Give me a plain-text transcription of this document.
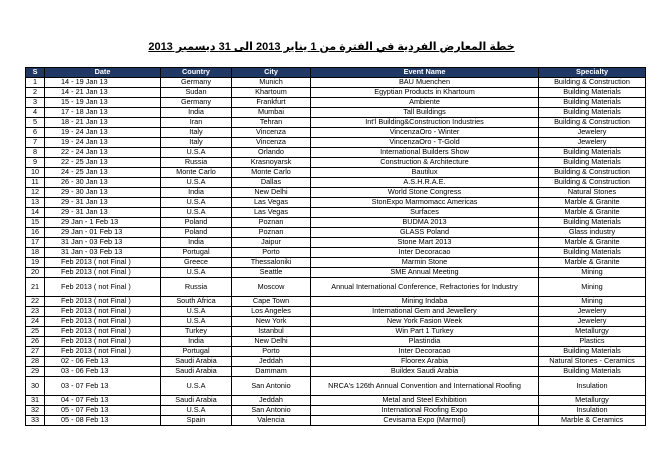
خطة المعارض الفردية في الفترة من 1 يناير 2013 الى 31 ديسمبر 2013
S	Date	Country	City	Event Name	Specialty
1	14 - 19 Jan 13	Germany	Munich	BAU Muenchen	Building & Construction
2	14 - 21 Jan 13	Sudan	Khartoum	Egyptian Products in Khartoum	Building Materials
3	15 - 19 Jan 13	Germany	Frankfurt	Ambiente	Building Materials
4	17 - 18 Jan 13	India	Mumbai	Tall Buildings	Building Materials
5	18 - 21 Jan 13	Iran	Tehran	Int'l Building&Construction Industries	Building & Construction
6	19 - 24 Jan 13	Italy	Vincenza	VincenzaOro - Winter	Jewelery
7	19 - 24 Jan 13	Italy	Vincenza	VincenzaOro - T-Gold	Jewelery
8	22 - 24 Jan 13	U.S.A	Orlando	International Builders Show	Building Materials
9	22 - 25 Jan 13	Russia	Krasnoyarsk	Construction & Architecture	Building Materials
10	24 - 25 Jan 13	Monte Carlo	Monte Carlo	Bautilux	Building & Construction
11	26 - 30 Jan 13	U.S.A	Dallas	A.S.H.R.A.E.	Building & Construction
12	29 - 30 Jan 13	India	New Delhi	World Stone Congress	Natural Stones
13	29 - 31 Jan 13	U.S.A	Las Vegas	StonExpo Marmomacc Americas	Marble & Granite
14	29 - 31 Jan 13	U.S.A	Las Vegas	Surfaces	Marble & Granite
15	29 Jan - 1 Feb 13	Poland	Poznan	BUDMA 2013	Building Materials
16	29 Jan - 01 Feb 13	Poland	Poznan	GLASS Poland	Glass industry
17	31 Jan - 03 Feb 13	India	Jaipur	Stone Mart 2013	Marble & Granite
18	31 Jan - 03 Feb 13	Portugal	Porto	Inter Decoracao	Building Materials
19	Feb 2013 ( not Final )	Greece	Thessaloniki	Marmin Stone	Marble & Granite
20	Feb 2013 ( not Final )	U.S.A	Seattle	SME Annual Meeting	Mining
21	Feb 2013 ( not Final )	Russia	Moscow	Annual International Conference, Refractories for Industry	Mining
22	Feb 2013 ( not Final )	South Africa	Cape Town	Mining Indaba	Mining
23	Feb 2013 ( not Final )	U.S.A	Los Angeles	International Gem and Jewellery	Jewelery
24	Feb 2013 ( not Final )	U.S.A	New York	New York Fasion Week	Jewelery
25	Feb 2013 ( not Final )	Turkey	Istanbul	Win Part 1 Turkey	Metallurgy
26	Feb 2013 ( not Final )	India	New Delhi	Plastindia	Plastics
27	Feb 2013 ( not Final )	Portugal	Porto	Inter Decoracao	Building Materials
28	02 - 06 Feb 13	Saudi Arabia	Jeddah	Floorex Arabia	Natural Stones - Ceramics
29	03 - 06 Feb 13	Saudi Arabia	Dammam	Buildex Saudi Arabia	Building Materials
30	03 - 07 Feb 13	U.S.A	San Antonio	NRCA's 126th Annual Convention and International Roofing	Insulation
31	04 - 07 Feb 13	Saudi Arabia	Jeddah	Metal and Steel Exhibition	Metallurgy
32	05 - 07 Feb 13	U.S.A	San Antonio	International Roofing Expo	Insulation
33	05 - 08 Feb 13	Spain	Valencia	Cevisama Expo (Marmol)	Marble & Ceramics
